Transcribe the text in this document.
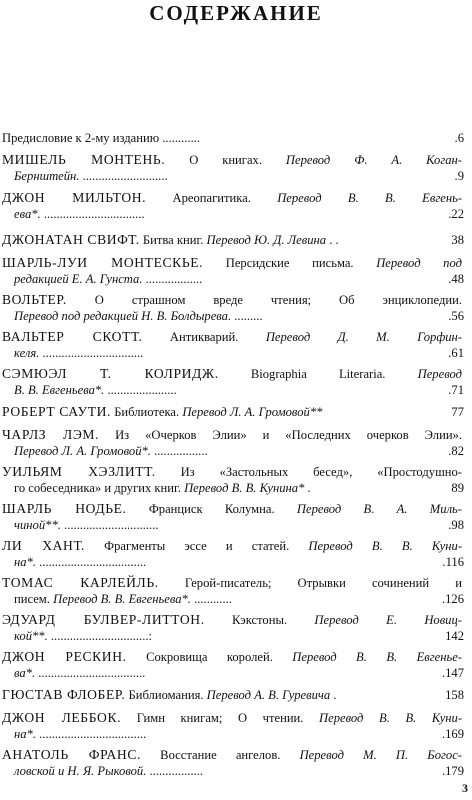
СОДЕРЖАНИЕ
Предисловие к 2-му изданию ............	.6
МИШЕЛЬ МОНТЕНЬ. О книгах. Перевод Ф. А. Коган-
Бернштейн. ...........................	.9
ДЖОН МИЛЬТОН. Ареопагитика. Перевод В. В. Евгень-
ева*. ................................	.22
ДЖОНАТАН СВИФТ. Битва книг. Перевод Ю. Д. Левина . .	38
ШАРЛЬ-ЛУИ МОНТЕСКЬЕ. Персидские письма. Перевод под
редакцией Е. А. Гунста. ..................	.48
ВОЛЬТЕР. О страшном вреде чтения; Об энциклопедии.
Перевод под редакцией Н. В. Болдырева. .........	.56
ВАЛЬТЕР СКОТТ. Антикварий. Перевод Д. М. Горфин-
келя. ................................	.61
СЭМЮЭЛ Т. КОЛРИДЖ. Biographia Literaria. Перевод
В. В. Евгеньева*. ......................	.71
РОБЕРТ САУТИ. Библиотека. Перевод Л. А. Громовой**	77
ЧАРЛЗ ЛЭМ. Из «Очерков Элии» и «Последних очерков Элии».
Перевод Л. А. Громовой*. .................	.82
УИЛЬЯМ ХЭЗЛИТТ. Из «Застольных бесед», «Простодушно-
го собеседника» и других книг. Перевод В. В. Кунина* .	89
ШАРЛЬ НОДЬЕ. Франциск Колумна. Перевод В. А. Миль-
чиной**. ..............................	.98
ЛИ ХАНТ. Фрагменты эссе и статей. Перевод В. В. Куни-
на*. ..................................	.116
ТОМАС КАРЛЕЙЛЬ. Герой-писатель; Отрывки сочинений и
писем. Перевод В. В. Евгеньева*. ............	.126
ЭДУАРД БУЛВЕР-ЛИТТОН. Кэкстоны. Перевод Е. Новиц-
кой**. ...............................:	142
ДЖОН РЕСКИН. Сокровища королей. Перевод В. В. Евгенье-
ва*. ..................................	.147
ГЮСТАВ ФЛОБЕР. Библиомания. Перевод А. В. Гуревича .	158
ДЖОН ЛЕББОК. Гимн книгам; О чтении. Перевод В. В. Куни-
на*. ..................................	.169
АНАТОЛЬ ФРАНС. Восстание ангелов. Перевод М. П. Богос-
ловской и Н. Я. Рыковой. .................	.179
3
